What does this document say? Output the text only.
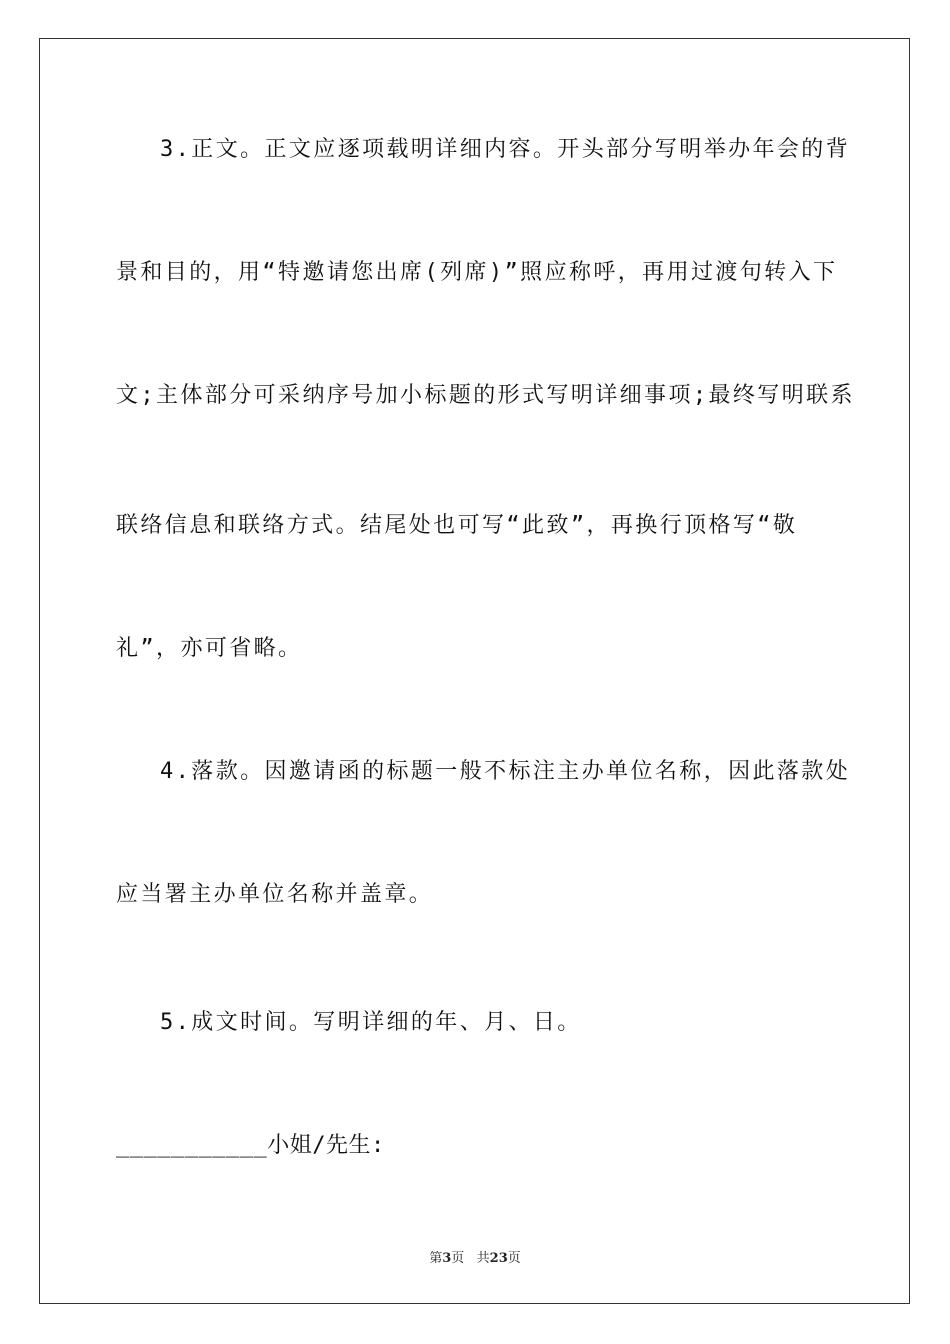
3.正文。正文应逐项载明详细内容。开头部分写明举办年会的背
景和目的，用“特邀请您出席(列席)”照应称呼，再用过渡句转入下
文;主体部分可采纳序号加小标题的形式写明详细事项;最终写明联系
联络信息和联络方式。结尾处也可写“此致”，再换行顶格写“敬
礼”，亦可省略。
4.落款。因邀请函的标题一般不标注主办单位名称，因此落款处
应当署主办单位名称并盖章。
5.成文时间。写明详细的年、月、日。
___________小姐/先生:
第3页   共23页
